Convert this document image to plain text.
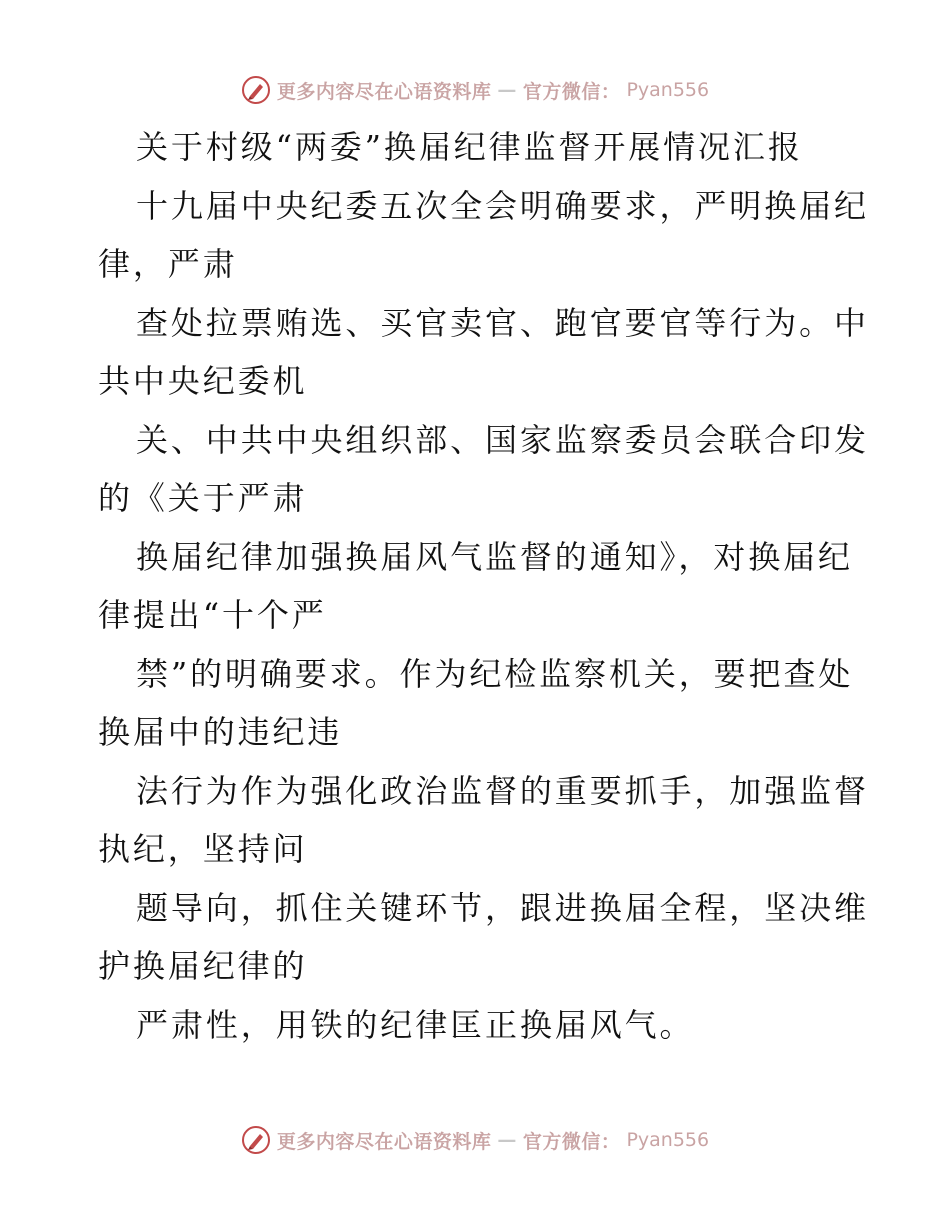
更多内容尽在心语资料库 — 官方微信： Pyan556
关于村级“两委”换届纪律监督开展情况汇报
十九届中央纪委五次全会明确要求，严明换届纪
律，严肃
查处拉票贿选、买官卖官、跑官要官等行为。中
共中央纪委机
关、中共中央组织部、国家监察委员会联合印发
的《关于严肃
换届纪律加强换届风气监督的通知》，对换届纪
律提出“十个严
禁”的明确要求。作为纪检监察机关，要把查处
换届中的违纪违
法行为作为强化政治监督的重要抓手，加强监督
执纪，坚持问
题导向，抓住关键环节，跟进换届全程，坚决维
护换届纪律的
严肃性，用铁的纪律匡正换届风气。
更多内容尽在心语资料库 — 官方微信： Pyan556
